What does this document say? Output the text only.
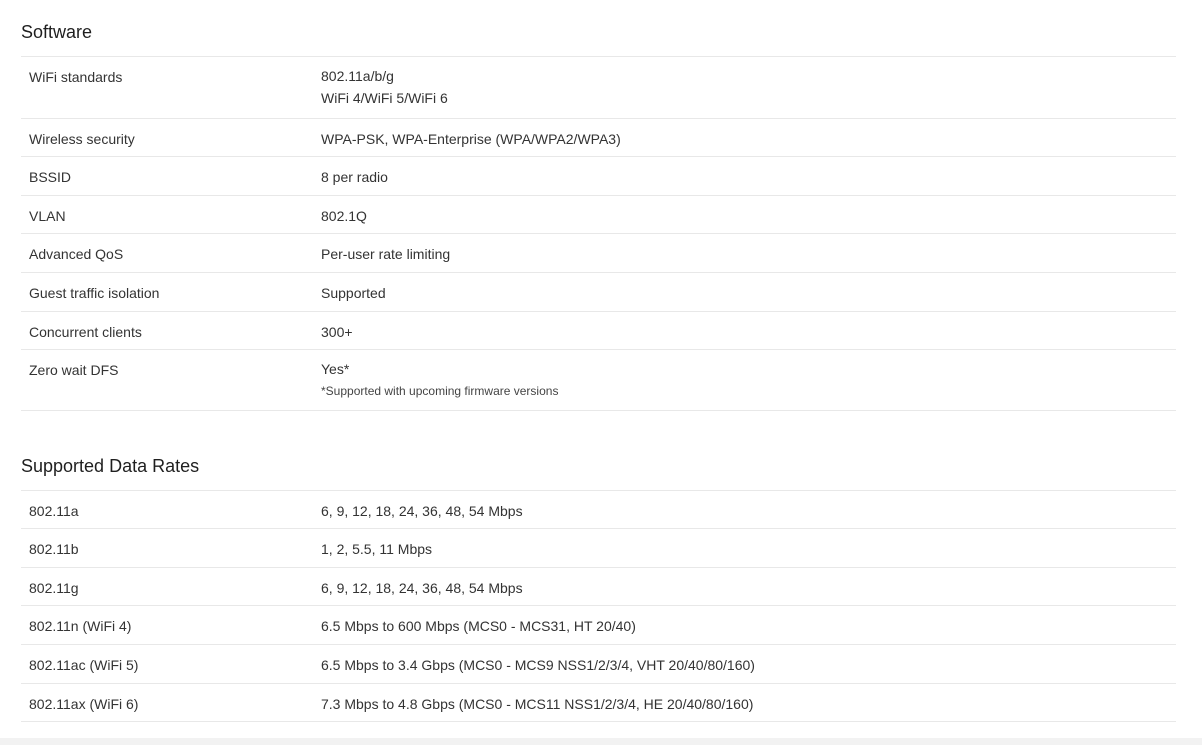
Software
WiFi standards	802.11a/b/g
WiFi 4/WiFi 5/WiFi 6
Wireless security	WPA-PSK, WPA-Enterprise (WPA/WPA2/WPA3)
BSSID	8 per radio
VLAN	802.1Q
Advanced QoS	Per-user rate limiting
Guest traffic isolation	Supported
Concurrent clients	300+
Zero wait DFS	Yes*
*Supported with upcoming firmware versions
Supported Data Rates
802.11a	6, 9, 12, 18, 24, 36, 48, 54 Mbps
802.11b	1, 2, 5.5, 11 Mbps
802.11g	6, 9, 12, 18, 24, 36, 48, 54 Mbps
802.11n (WiFi 4)	6.5 Mbps to 600 Mbps (MCS0 - MCS31, HT 20/40)
802.11ac (WiFi 5)	6.5 Mbps to 3.4 Gbps (MCS0 - MCS9 NSS1/2/3/4, VHT 20/40/80/160)
802.11ax (WiFi 6)	7.3 Mbps to 4.8 Gbps (MCS0 - MCS11 NSS1/2/3/4, HE 20/40/80/160)
